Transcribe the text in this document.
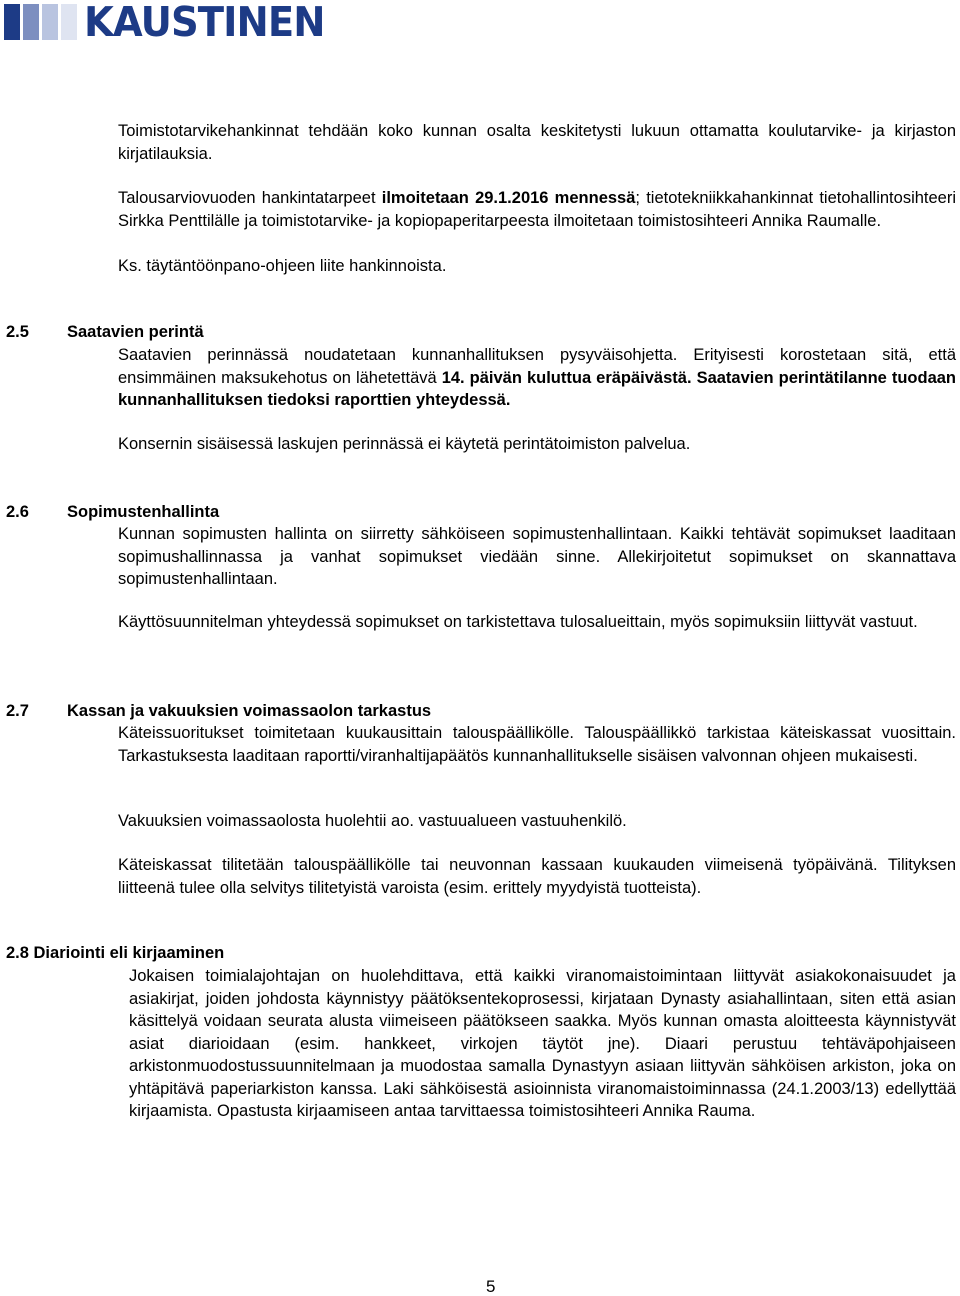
KAUSTINEN

Toimistotarvikehankinnat tehdään koko kunnan osalta keskitetysti lukuun ottamatta koulutarvike- ja kirjaston kirjatilauksia.

Talousarviovuoden hankintatarpeet ilmoitetaan 29.1.2016 mennessä; tietotekniikkahankinnat tietohallintosihteeri Sirkka Penttilälle ja toimistotarvike- ja kopiopaperitarpeesta ilmoitetaan toimistosihteeri Annika Raumalle.

Ks. täytäntöönpano-ohjeen liite hankinnoista.

2.5 Saatavien perintä

Saatavien perinnässä noudatetaan kunnanhallituksen pysyväisohjetta. Erityisesti korostetaan sitä, että ensimmäinen maksukehotus on lähetettävä 14. päivän kuluttua eräpäivästä. Saatavien perintätilanne tuodaan kunnanhallituksen tiedoksi raporttien yhteydessä.

Konsernin sisäisessä laskujen perinnässä ei käytetä perintätoimiston palvelua.

2.6 Sopimustenhallinta

Kunnan sopimusten hallinta on siirretty sähköiseen sopimustenhallintaan. Kaikki tehtävät sopimukset laaditaan sopimushallinnassa ja vanhat sopimukset viedään sinne. Allekirjoitetut sopimukset on skannattava sopimustenhallintaan.

Käyttösuunnitelman yhteydessä sopimukset on tarkistettava tulosalueittain, myös sopimuksiin liittyvät vastuut.

2.7 Kassan ja vakuuksien voimassaolon tarkastus

Käteissuoritukset toimitetaan kuukausittain talouspäällikölle. Talouspäällikkö tarkistaa käteiskassat vuosittain. Tarkastuksesta laaditaan raportti/viranhaltijapäätös kunnanhallitukselle sisäisen valvonnan ohjeen mukaisesti.

Vakuuksien voimassaolosta huolehtii ao. vastuualueen vastuuhenkilö.

Käteiskassat tilitetään talouspäällikölle tai neuvonnan kassaan kuukauden viimeisenä työpäivänä. Tilityksen liitteenä tulee olla selvitys tilitetyistä varoista (esim. erittely myydyistä tuotteista).

2.8 Diariointi eli kirjaaminen

Jokaisen toimialajohtajan on huolehdittava, että kaikki viranomaistoimintaan liittyvät asiakokonaisuudet ja asiakirjat, joiden johdosta käynnistyy päätöksentekoprosessi, kirjataan Dynasty asiahallintaan, siten että asian käsittelyä voidaan seurata alusta viimeiseen päätökseen saakka. Myös kunnan omasta aloitteesta käynnistyvät asiat diarioidaan (esim. hankkeet, virkojen täytöt jne). Diaari perustuu tehtäväpohjaiseen arkistonmuodostussuunnitelmaan ja muodostaa samalla Dynastyyn asiaan liittyvän sähköisen arkiston, joka on yhtäpitävä paperiarkiston kanssa. Laki sähköisestä asioinnista viranomaistoiminnassa (24.1.2003/13) edellyttää kirjaamista. Opastusta kirjaamiseen antaa tarvittaessa toimistosihteeri Annika Rauma.

5
